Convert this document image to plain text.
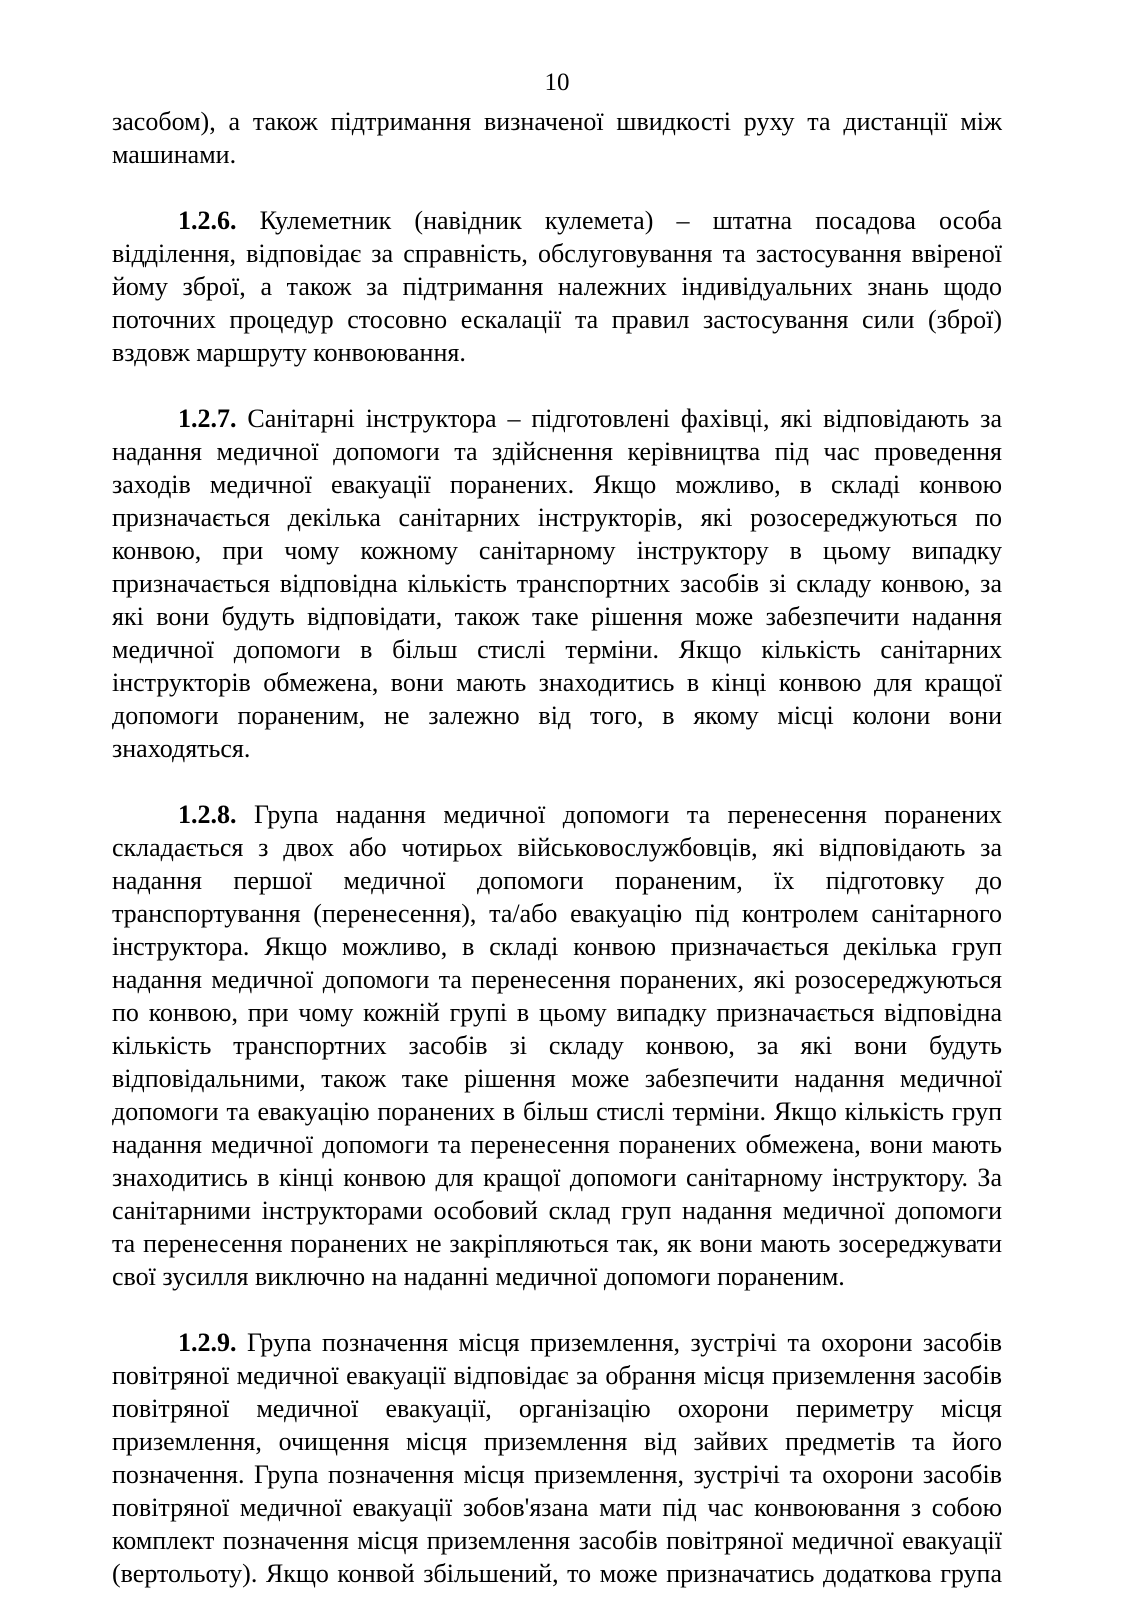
10

засобом), а також підтримання визначеної швидкості руху та дистанції між машинами.

1.2.6. Кулеметник (навідник кулемета) – штатна посадова особа відділення, відповідає за справність, обслуговування та застосування ввіреної йому зброї, а також за підтримання належних індивідуальних знань щодо поточних процедур стосовно ескалації та правил застосування сили (зброї) вздовж маршруту конвоювання.

1.2.7. Санітарні інструктора – підготовлені фахівці, які відповідають за надання медичної допомоги та здійснення керівництва під час проведення заходів медичної евакуації поранених. Якщо можливо, в складі конвою призначається декілька санітарних інструкторів, які розосереджуються по конвою, при чому кожному санітарному інструктору в цьому випадку призначається відповідна кількість транспортних засобів зі складу конвою, за які вони будуть відповідати, також таке рішення може забезпечити надання медичної допомоги в більш стислі терміни. Якщо кількість санітарних інструкторів обмежена, вони мають знаходитись в кінці конвою для кращої допомоги пораненим, не залежно від того, в якому місці колони вони знаходяться.

1.2.8. Група надання медичної допомоги та перенесення поранених складається з двох або чотирьох військовослужбовців, які відповідають за надання першої медичної допомоги пораненим, їх підготовку до транспортування (перенесення), та/або евакуацію під контролем санітарного інструктора. Якщо можливо, в складі конвою призначається декілька груп надання медичної допомоги та перенесення поранених, які розосереджуються по конвою, при чому кожній групі в цьому випадку призначається відповідна кількість транспортних засобів зі складу конвою, за які вони будуть відповідальними, також таке рішення може забезпечити надання медичної допомоги та евакуацію поранених в більш стислі терміни. Якщо кількість груп надання медичної допомоги та перенесення поранених обмежена, вони мають знаходитись в кінці конвою для кращої допомоги санітарному інструктору. За санітарними інструкторами особовий склад груп надання медичної допомоги та перенесення поранених не закріпляються так, як вони мають зосереджувати свої зусилля виключно на наданні медичної допомоги пораненим.

1.2.9. Група позначення місця приземлення, зустрічі та охорони засобів повітряної медичної евакуації відповідає за обрання місця приземлення засобів повітряної медичної евакуації, організацію охорони периметру місця приземлення, очищення місця приземлення від зайвих предметів та його позначення. Група позначення місця приземлення, зустрічі та охорони засобів повітряної медичної евакуації зобов'язана мати під час конвоювання з собою комплект позначення місця приземлення засобів повітряної медичної евакуації (вертольоту). Якщо конвой збільшений, то може призначатись додаткова група
